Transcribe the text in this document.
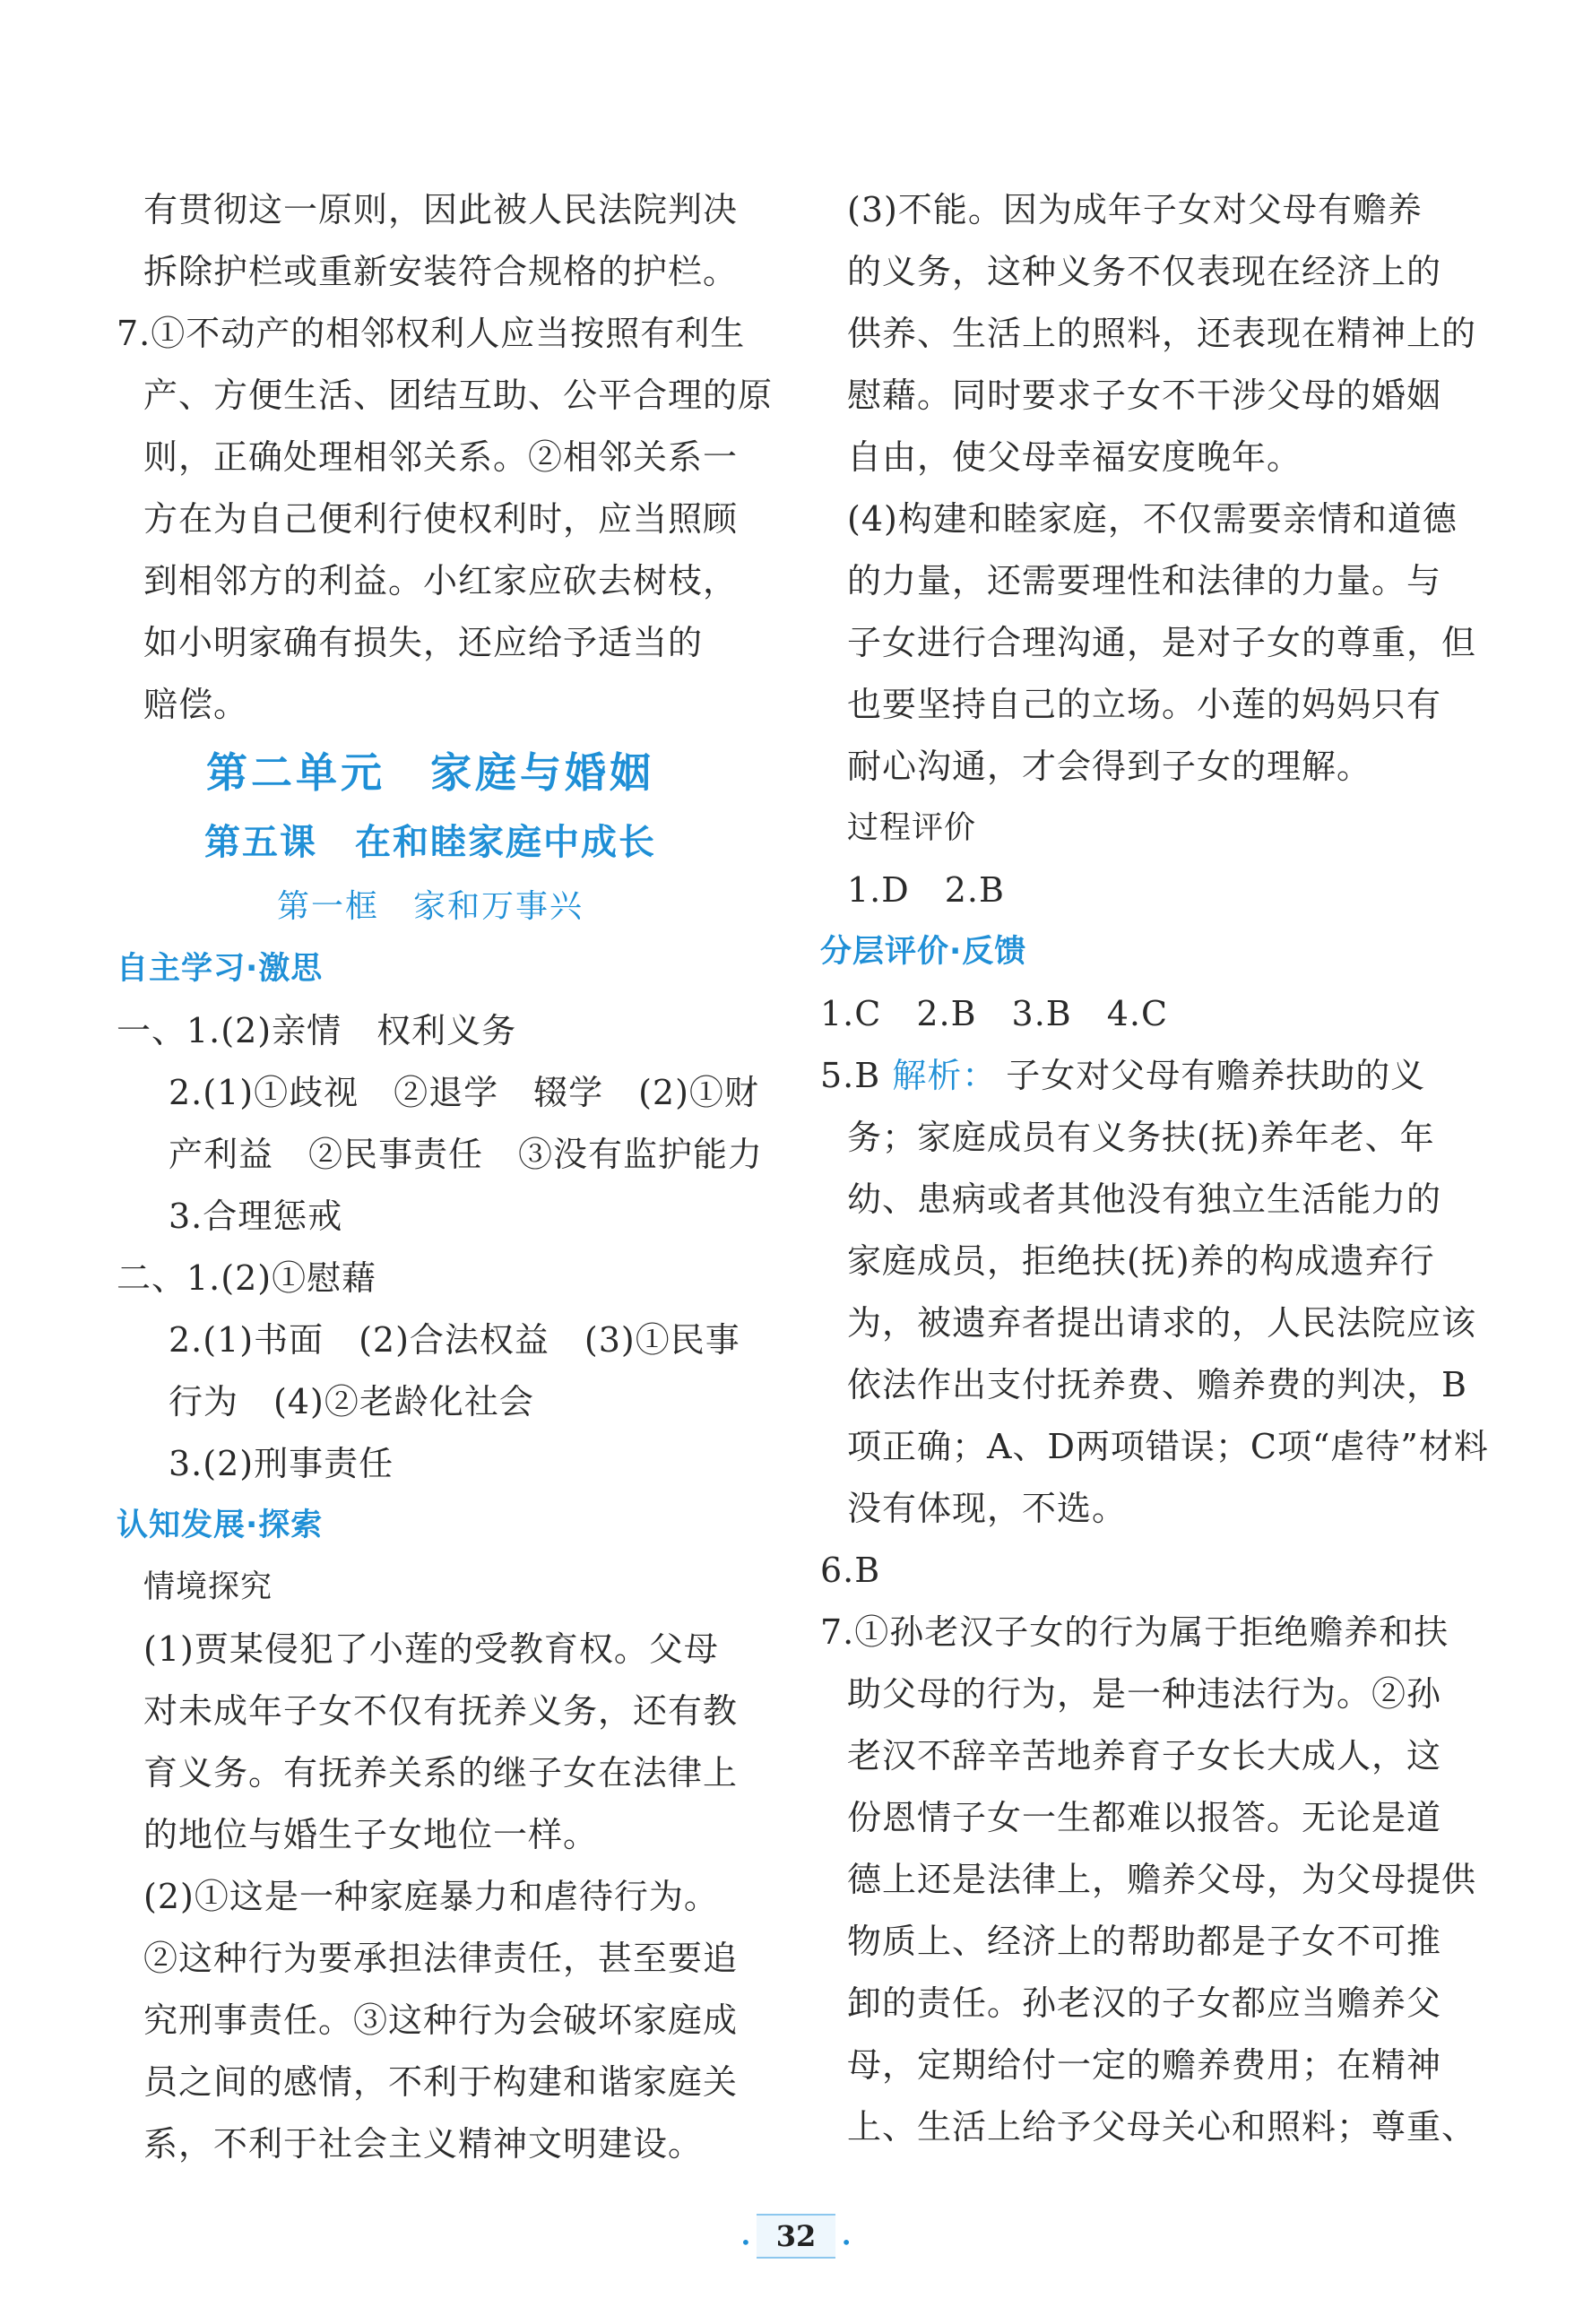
有贯彻这一原则，因此被人民法院判决
拆除护栏或重新安装符合规格的护栏。
7.①不动产的相邻权利人应当按照有利生
产、方便生活、团结互助、公平合理的原
则，正确处理相邻关系。②相邻关系一
方在为自己便利行使权利时，应当照顾
到相邻方的利益。小红家应砍去树枝，
如小明家确有损失，还应给予适当的
赔偿。
第二单元　家庭与婚姻
第五课　在和睦家庭中成长
第一框　家和万事兴
自主学习·激思
一、1.(2)亲情　权利义务
2.(1)①歧视　②退学　辍学　(2)①财
产利益　②民事责任　③没有监护能力
3.合理惩戒
二、1.(2)①慰藉
2.(1)书面　(2)合法权益　(3)①民事
行为　(4)②老龄化社会
3.(2)刑事责任
认知发展·探索
情境探究
(1)贾某侵犯了小莲的受教育权。父母
对未成年子女不仅有抚养义务，还有教
育义务。有抚养关系的继子女在法律上
的地位与婚生子女地位一样。
(2)①这是一种家庭暴力和虐待行为。
②这种行为要承担法律责任，甚至要追
究刑事责任。③这种行为会破坏家庭成
员之间的感情，不利于构建和谐家庭关
系，不利于社会主义精神文明建设。
(3)不能。因为成年子女对父母有赡养
的义务，这种义务不仅表现在经济上的
供养、生活上的照料，还表现在精神上的
慰藉。同时要求子女不干涉父母的婚姻
自由，使父母幸福安度晚年。
(4)构建和睦家庭，不仅需要亲情和道德
的力量，还需要理性和法律的力量。与
子女进行合理沟通，是对子女的尊重，但
也要坚持自己的立场。小莲的妈妈只有
耐心沟通，才会得到子女的理解。
过程评价
1.D　2.B
分层评价·反馈
1.C　2.B　3.B　4.C
5.B 解析： 子女对父母有赡养扶助的义
务；家庭成员有义务扶(抚)养年老、年
幼、患病或者其他没有独立生活能力的
家庭成员，拒绝扶(抚)养的构成遗弃行
为，被遗弃者提出请求的，人民法院应该
依法作出支付抚养费、赡养费的判决，B
项正确；A、D两项错误；C项“虐待”材料
没有体现，不选。
6.B
7.①孙老汉子女的行为属于拒绝赡养和扶
助父母的行为，是一种违法行为。②孙
老汉不辞辛苦地养育子女长大成人，这
份恩情子女一生都难以报答。无论是道
德上还是法律上，赡养父母，为父母提供
物质上、经济上的帮助都是子女不可推
卸的责任。孙老汉的子女都应当赡养父
母，定期给付一定的赡养费用；在精神
上、生活上给予父母关心和照料；尊重、
• 32 •
